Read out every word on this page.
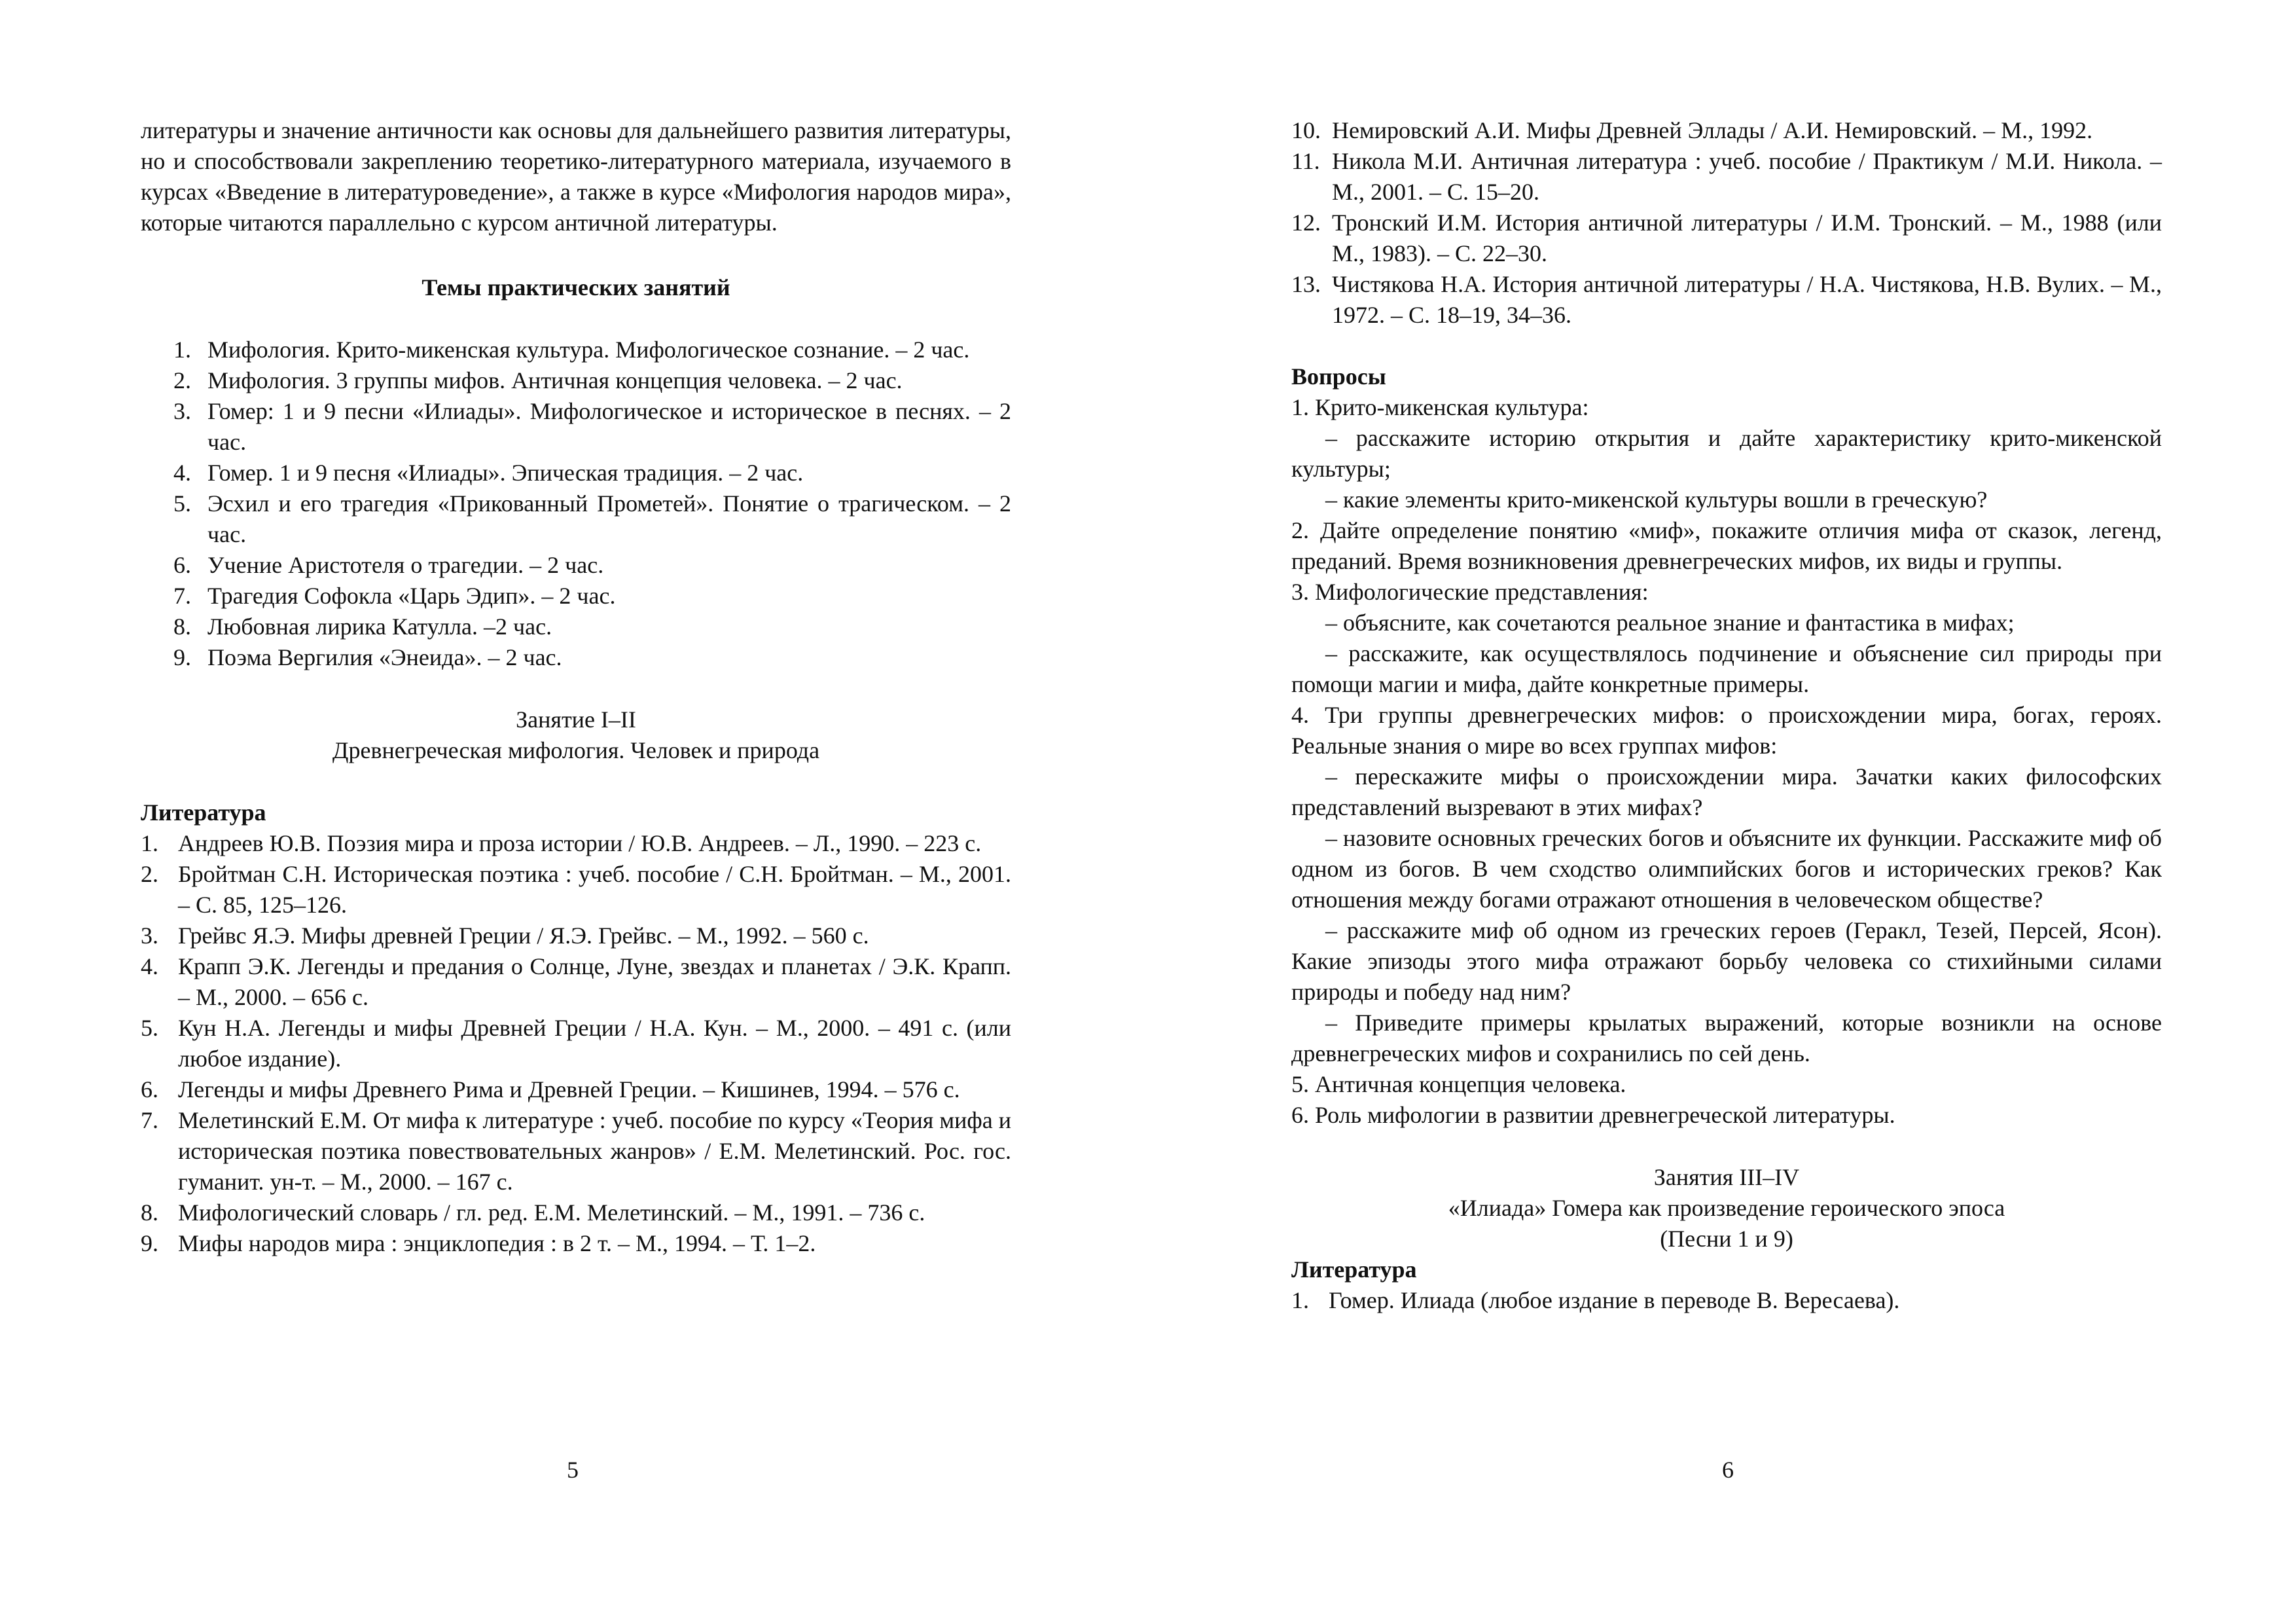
литературы и значение античности как основы для дальнейшего развития литературы, но и способствовали закреплению теоретико-литературного материала, изучаемого в курсах «Введение в литературоведение», а также в курсе «Мифология народов мира», которые читаются параллельно с курсом античной литературы.

Темы практических занятий

1. Мифология. Крито-микенская культура. Мифологическое сознание. – 2 час.
2. Мифология. 3 группы мифов. Античная концепция человека. – 2 час.
3. Гомер: 1 и 9 песни «Илиады». Мифологическое и историческое в песнях. – 2 час.
4. Гомер. 1 и 9 песня «Илиады». Эпическая традиция. – 2 час.
5. Эсхил и его трагедия «Прикованный Прометей». Понятие о трагическом. – 2 час.
6. Учение Аристотеля о трагедии. – 2 час.
7. Трагедия Софокла «Царь Эдип». – 2 час.
8. Любовная лирика Катулла. –2 час.
9. Поэма Вергилия «Энеида». – 2 час.

Занятие I–II

Древнегреческая мифология. Человек и природа

Литература

1. Андреев Ю.В. Поэзия мира и проза истории / Ю.В. Андреев. – Л., 1990. – 223 с.
2. Бройтман С.Н. Историческая поэтика : учеб. пособие / С.Н. Бройтман. – М., 2001. – С. 85, 125–126.
3. Грейвс Я.Э. Мифы древней Греции / Я.Э. Грейвс. – М., 1992. – 560 с.
4. Крапп Э.К. Легенды и предания о Солнце, Луне, звездах и планетах / Э.К. Крапп. – М., 2000. – 656 с.
5. Кун Н.А. Легенды и мифы Древней Греции / Н.А. Кун. – М., 2000. – 491 с. (или любое издание).
6. Легенды и мифы Древнего Рима и Древней Греции. – Кишинев, 1994. – 576 с.
7. Мелетинский Е.М. От мифа к литературе : учеб. пособие по курсу «Теория мифа и историческая поэтика повествовательных жанров» / Е.М. Мелетинский. Рос. гос. гуманит. ун-т. – М., 2000. – 167 с.
8. Мифологический словарь / гл. ред. Е.М. Мелетинский. – М., 1991. – 736 с.
9. Мифы народов мира : энциклопедия : в 2 т. – М., 1994. – Т. 1–2.
5
10. Немировский А.И. Мифы Древней Эллады / А.И. Немировский. – М., 1992.
11. Никола М.И. Античная литература : учеб. пособие / Практикум / М.И. Никола. – М., 2001. – С. 15–20.
12. Тронский И.М. История античной литературы / И.М. Тронский. – М., 1988 (или М., 1983). – С. 22–30.
13. Чистякова Н.А. История античной литературы / Н.А. Чистякова, Н.В. Вулих. – М., 1972. – С. 18–19, 34–36.

Вопросы

1. Крито-микенская культура:

– расскажите историю открытия и дайте характеристику крито-микенской культуры;

– какие элементы крито-микенской культуры вошли в греческую?

2. Дайте определение понятию «миф», покажите отличия мифа от сказок, легенд, преданий. Время возникновения древнегреческих мифов, их виды и группы.

3. Мифологические представления:

– объясните, как сочетаются реальное знание и фантастика в мифах;

– расскажите, как осуществлялось подчинение и объяснение сил природы при помощи магии и мифа, дайте конкретные примеры.

4. Три группы древнегреческих мифов: о происхождении мира, богах, героях. Реальные знания о мире во всех группах мифов:

– перескажите мифы о происхождении мира. Зачатки каких философских представлений вызревают в этих мифах?

– назовите основных греческих богов и объясните их функции. Расскажите миф об одном из богов. В чем сходство олимпийских богов и исторических греков? Как отношения между богами отражают отношения в человеческом обществе?

– расскажите миф об одном из греческих героев (Геракл, Тезей, Персей, Ясон). Какие эпизоды этого мифа отражают борьбу человека со стихийными силами природы и победу над ним?

– Приведите примеры крылатых выражений, которые возникли на основе древнегреческих мифов и сохранились по сей день.

5. Античная концепция человека.

6. Роль мифологии в развитии древнегреческой литературы.

Занятия III–IV

«Илиада» Гомера как произведение героического эпоса

(Песни 1 и 9)

Литература

1. Гомер. Илиада (любое издание в переводе В. Вересаева).
6
